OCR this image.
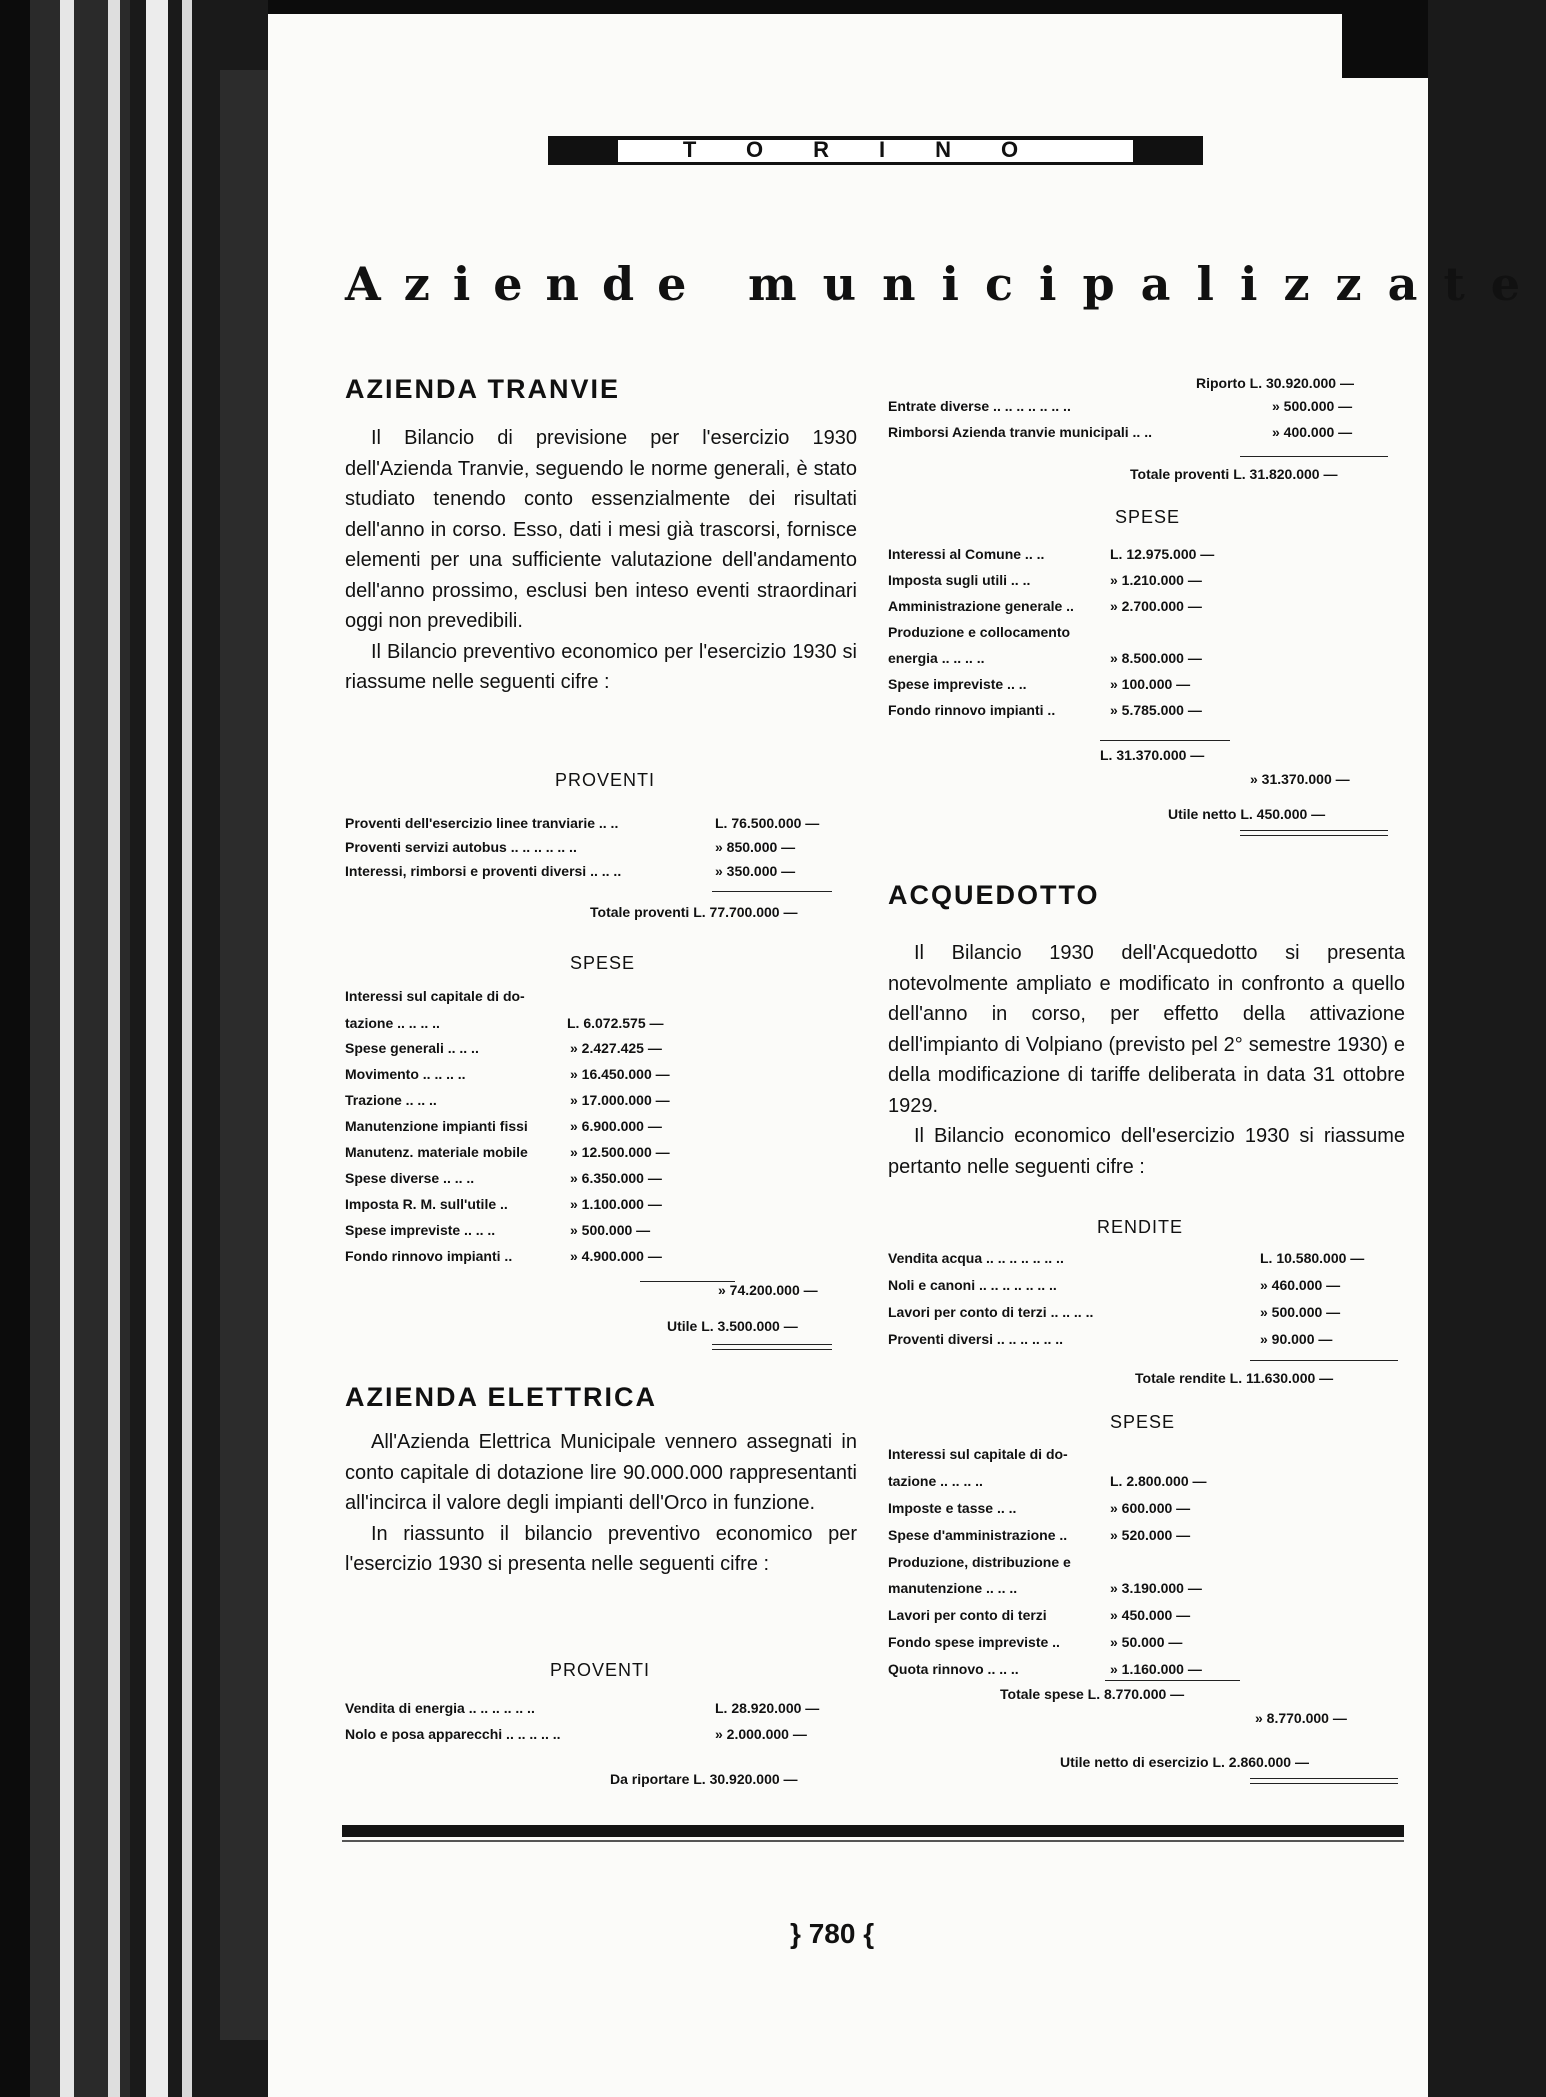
TORINO
Aziende municipalizzate
AZIENDA TRANVIE

Il Bilancio di previsione per l'esercizio 1930 dell'Azienda Tranvie, seguendo le norme generali, è stato studiato tenendo conto essenzialmente dei risultati dell'anno in corso. Esso, dati i mesi già trascorsi, fornisce elementi per una sufficiente valutazione dell'andamento dell'anno prossimo, esclusi ben inteso eventi straordinari oggi non prevedibili.

Il Bilancio preventivo economico per l'esercizio 1930 si riassume nelle seguenti cifre :

PROVENTI
Proventi dell'esercizio linee tranviarie .. ..	L. 76.500.000 —
Proventi servizi autobus .. .. .. .. .. ..	» 850.000 —
Interessi, rimborsi e proventi diversi .. .. ..	» 350.000 —
Totale proventi L. 77.700.000 —
SPESE
Interessi sul capitale di do-
tazione .. .. .. ..	L. 6.072.575 —
Spese generali .. .. ..	» 2.427.425 —
Movimento .. .. .. ..	» 16.450.000 —
Trazione .. .. ..	» 17.000.000 —
Manutenzione impianti fissi	» 6.900.000 —
Manutenz. materiale mobile	» 12.500.000 —
Spese diverse .. .. ..	» 6.350.000 —
Imposta R. M. sull'utile ..	» 1.100.000 —
Spese impreviste .. .. ..	» 500.000 —
Fondo rinnovo impianti ..	» 4.900.000 —
» 74.200.000 —
Utile L. 3.500.000 —
AZIENDA ELETTRICA

All'Azienda Elettrica Municipale vennero assegnati in conto capitale di dotazione lire 90.000.000 rappresentanti all'incirca il valore degli impianti dell'Orco in funzione.

In riassunto il bilancio preventivo economico per l'esercizio 1930 si presenta nelle seguenti cifre :

PROVENTI
Vendita di energia .. .. .. .. .. ..	L. 28.920.000 —
Nolo e posa apparecchi .. .. .. .. ..	» 2.000.000 —
Da riportare L. 30.920.000 —
Riporto L. 30.920.000 —
Entrate diverse .. .. .. .. .. .. ..	» 500.000 —
Rimborsi Azienda tranvie municipali .. ..	» 400.000 —
Totale proventi L. 31.820.000 —
SPESE
Interessi al Comune .. ..	L. 12.975.000 —
Imposta sugli utili .. ..	» 1.210.000 —
Amministrazione generale ..	» 2.700.000 —
Produzione e collocamento
energia .. .. .. ..	» 8.500.000 —
Spese impreviste .. ..	» 100.000 —
Fondo rinnovo impianti ..	» 5.785.000 —
L. 31.370.000 —
» 31.370.000 —
Utile netto L. 450.000 —
ACQUEDOTTO

Il Bilancio 1930 dell'Acquedotto si presenta notevolmente ampliato e modificato in confronto a quello dell'anno in corso, per effetto della attivazione dell'impianto di Volpiano (previsto pel 2° semestre 1930) e della modificazione di tariffe deliberata in data 31 ottobre 1929.

Il Bilancio economico dell'esercizio 1930 si riassume pertanto nelle seguenti cifre :

RENDITE
Vendita acqua .. .. .. .. .. .. ..	L. 10.580.000 —
Noli e canoni .. .. .. .. .. .. ..	» 460.000 —
Lavori per conto di terzi .. .. .. ..	» 500.000 —
Proventi diversi .. .. .. .. .. ..	» 90.000 —
Totale rendite L. 11.630.000 —
SPESE
Interessi sul capitale di do-
tazione .. .. .. ..	L. 2.800.000 —
Imposte e tasse .. ..	» 600.000 —
Spese d'amministrazione ..	» 520.000 —
Produzione, distribuzione e
manutenzione .. .. ..	» 3.190.000 —
Lavori per conto di terzi	» 450.000 —
Fondo spese impreviste ..	» 50.000 —
Quota rinnovo .. .. ..	» 1.160.000 —
Totale spese L. 8.770.000 —
» 8.770.000 —
Utile netto di esercizio L. 2.860.000 —
} 780 {
